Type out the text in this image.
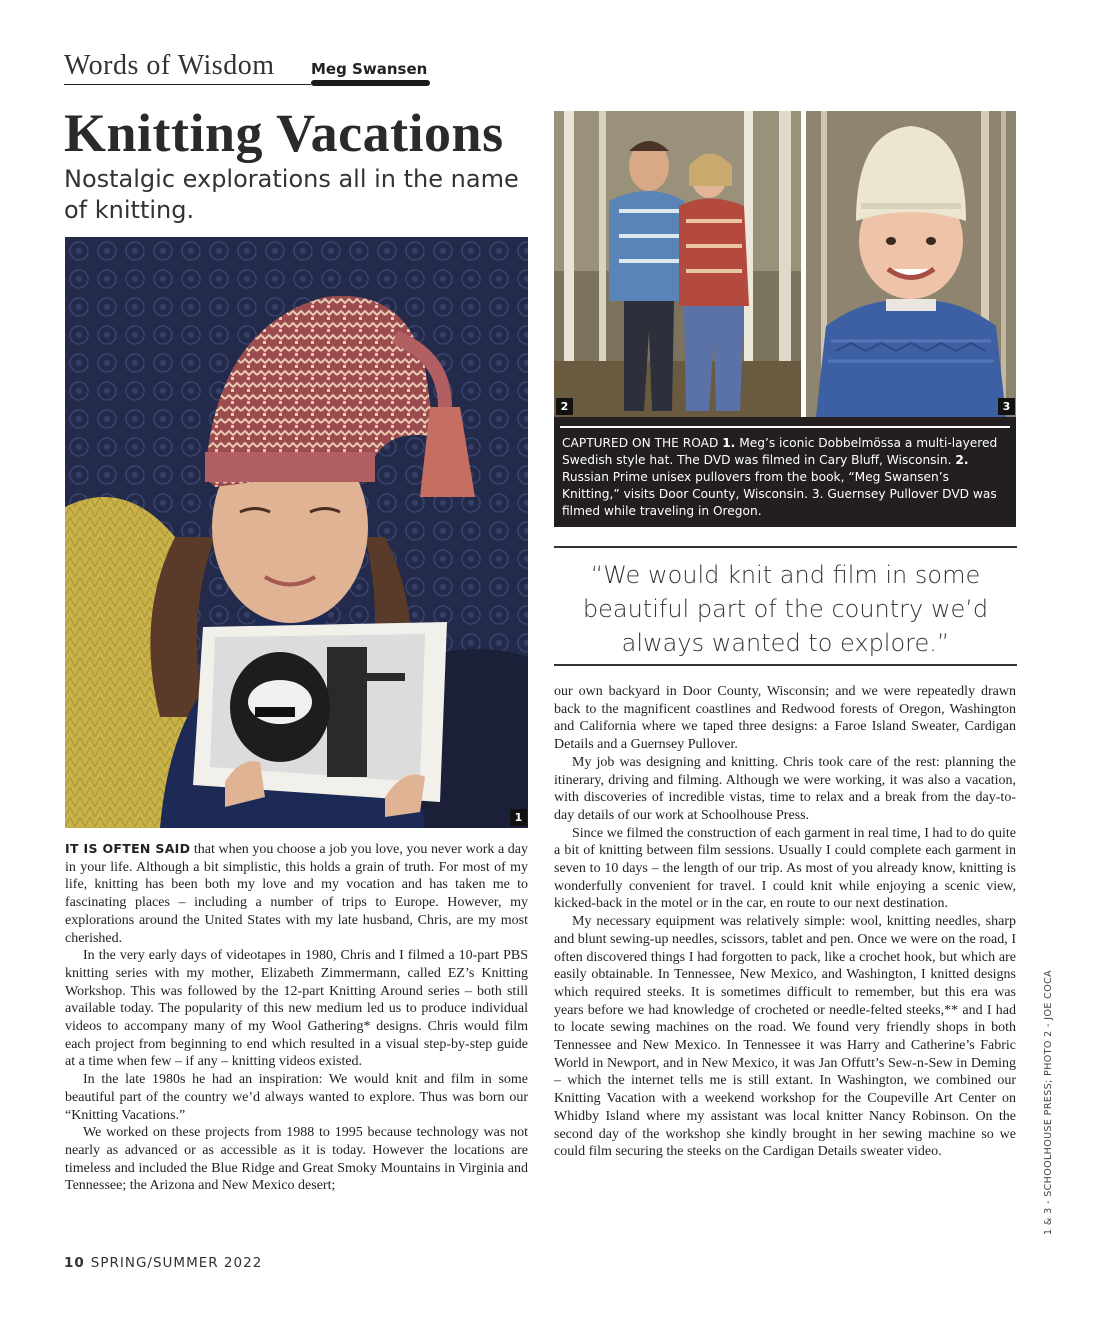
Words of Wisdom Meg Swansen
Knitting Vacations
Nostalgic explorations all in the name of knitting.
1
2	3
CAPTURED ON THE ROAD 1. Meg’s iconic Dobbelmössa a multi-layered Swedish style hat. The DVD was filmed in Cary Bluff, Wisconsin. 2. Russian Prime unisex pullovers from the book, “Meg Swansen’s Knitting,” visits Door County, Wisconsin. 3. Guernsey Pullover DVD was filmed while traveling in Oregon.
“We would knit and film in some beautiful part of the country we’d always wanted to explore.”

IT IS OFTEN SAID that when you choose a job you love, you never work a day in your life. Although a bit simplistic, this holds a grain of truth. For most of my life, knitting has been both my love and my vocation and has taken me to fascinating places – including a number of trips to Europe. However, my explorations around the United States with my late husband, Chris, are my most cherished.

In the very early days of videotapes in 1980, Chris and I filmed a 10-part PBS knitting series with my mother, Elizabeth Zimmermann, called EZ’s Knitting Workshop. This was followed by the 12-part Knitting Around series – both still available today. The popularity of this new medium led us to produce individual videos to accompany many of my Wool Gathering* designs. Chris would film each project from beginning to end which resulted in a visual step-by-step guide at a time when few – if any – knitting videos existed.

In the late 1980s he had an inspiration: We would knit and film in some beautiful part of the country we’d always wanted to explore. Thus was born our “Knitting Vacations.”

We worked on these projects from 1988 to 1995 because technology was not nearly as advanced or as accessible as it is today. However the locations are timeless and included the Blue Ridge and Great Smoky Mountains in Virginia and Tennessee; the Arizona and New Mexico desert;

our own backyard in Door County, Wisconsin; and we were repeatedly drawn back to the magnificent coastlines and Redwood forests of Oregon, Washington and California where we taped three designs: a Faroe Island Sweater, Cardigan Details and a Guernsey Pullover.

My job was designing and knitting. Chris took care of the rest: planning the itinerary, driving and filming. Although we were working, it was also a vacation, with discoveries of incredible vistas, time to relax and a break from the day-to-day details of our work at Schoolhouse Press.

Since we filmed the construction of each garment in real time, I had to do quite a bit of knitting between film sessions. Usually I could complete each garment in seven to 10 days – the length of our trip. As most of you already know, knitting is wonderfully convenient for travel. I could knit while enjoying a scenic view, kicked-back in the motel or in the car, en route to our next destination.

My necessary equipment was relatively simple: wool, knitting needles, sharp and blunt sewing-up needles, scissors, tablet and pen. Once we were on the road, I often discovered things I had forgotten to pack, like a crochet hook, but which are easily obtainable. In Tennessee, New Mexico, and Washington, I knitted designs which required steeks. It is sometimes difficult to remember, but this era was years before we had knowledge of crocheted or needle-felted steeks,** and I had to locate sewing machines on the road. We found very friendly shops in both Tennessee and New Mexico. In Tennessee it was Harry and Catherine’s Fabric World in Newport, and in New Mexico, it was Jan Offutt’s Sew-n-Sew in Deming – which the internet tells me is still extant. In Washington, we combined our Knitting Vacation with a weekend workshop for the Coupeville Art Center on Whidby Island where my assistant was local knitter Nancy Robinson. On the second day of the workshop she kindly brought in her sewing machine so we could film securing the steeks on the Cardigan Details sweater video.

10 SPRING/SUMMER 2022
1 & 3 - SCHOOLHOUSE PRESS; PHOTO 2 - JOE COCA
